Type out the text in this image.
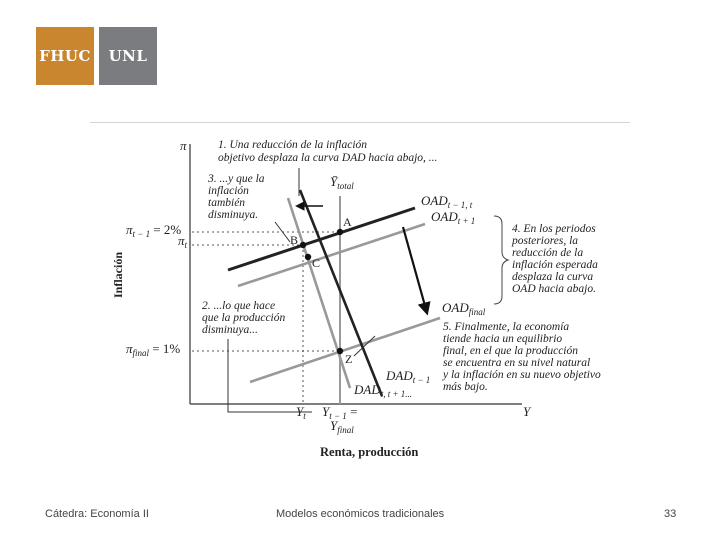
FHUC	UNL
A
B
C
Z
π
Inflación
Y
Renta, producción
$\pi_{t - 1} = 2\%$
$\pi_t$
$\pi_{final} = 1\%$
$Y_t$ $Y_{t - 1}$ =
$Y_{final}$
$Ȳ_{total}$
$OAD_{t - 1, t}$
$OAD_{t + 1}$
$OAD_{final}$
$DAD_{t - 1}$
$DAD_{t, t + 1...}$
1. Una reducción de la inflación objetivo desplaza la curva DAD hacia abajo, ...
2. ...lo que hace que la producción disminuya...
3. ...y que la inflación también disminuya.
4. En los periodos posteriores, la reducción de la inflación esperada desplaza la curva OAD hacia abajo.
5. Finalmente, la economía tiende hacia un equilibrio final, en el que la producción se encuentra en su nivel natural y la inflación en su nuevo objetivo más bajo.
Cátedra: Economía II	Modelos económicos tradicionales	33
